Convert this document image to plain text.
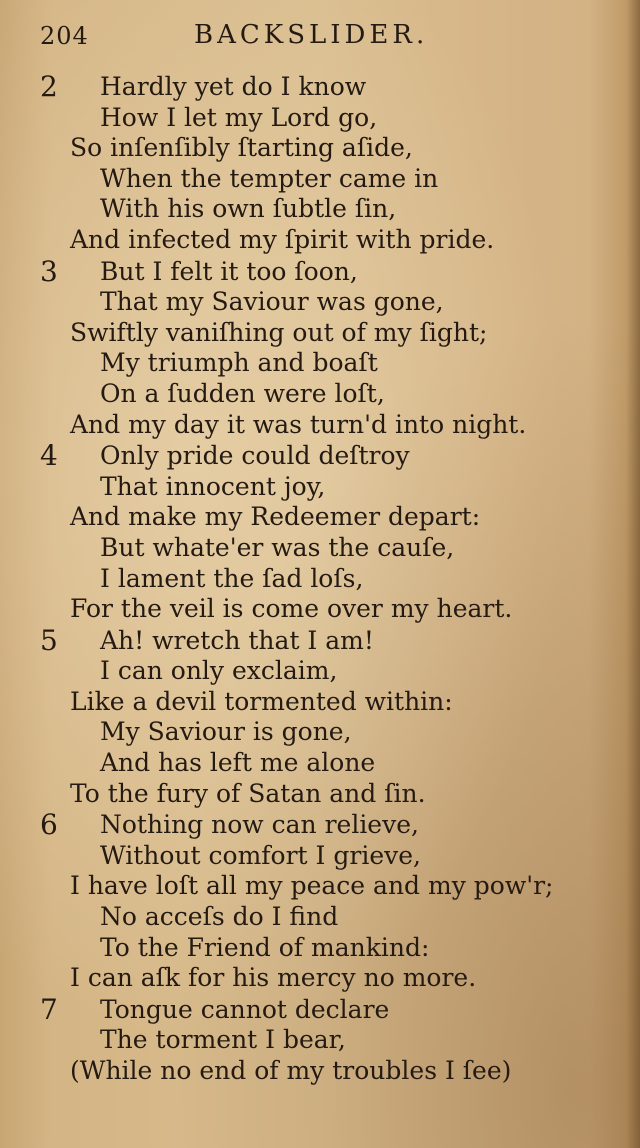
204	BACKSLIDER.
2	Hardly yet do I know
How I let my Lord go,
So inſenſibly ſtarting aſide,
When the tempter came in
With his own ſubtle ſin,
And infected my ſpirit with pride.
3	But I felt it too ſoon,
That my Saviour was gone,
Swiftly vaniſhing out of my ſight;
My triumph and boaſt
On a ſudden were loſt,
And my day it was turn'd into night.
4	Only pride could deſtroy
That innocent joy,
And make my Redeemer depart:
But whate'er was the cauſe,
I lament the ſad loſs,
For the veil is come over my heart.
5	Ah! wretch that I am!
I can only exclaim,
Like a devil tormented within:
My Saviour is gone,
And has left me alone
To the fury of Satan and ſin.
6	Nothing now can relieve,
Without comfort I grieve,
I have loſt all my peace and my pow'r;
No acceſs do I find
To the Friend of mankind:
I can aſk for his mercy no more.
7	Tongue cannot declare
The torment I bear,
(While no end of my troubles I ſee)
